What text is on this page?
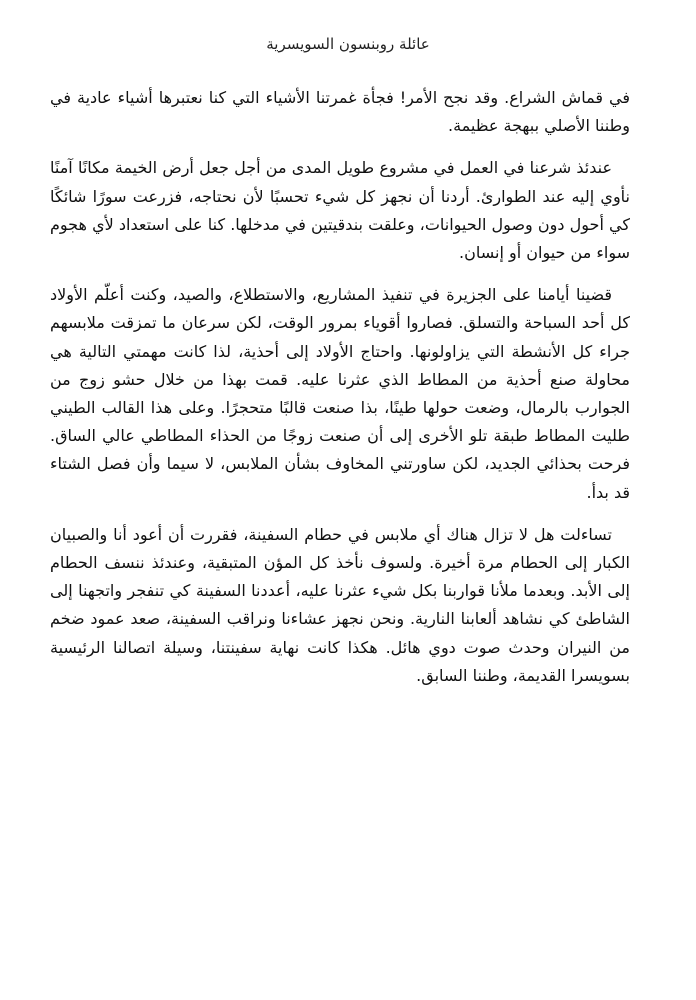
عائلة روبنسون السويسرية

في قماش الشراع. وقد نجح الأمر! فجأة غمرتنا الأشياء التي كنا نعتبرها أشياء عادية في وطننا الأصلي ببهجة عظيمة.

عندئذ شرعنا في العمل في مشروع طويل المدى من أجل جعل أرض الخيمة مكانًا آمنًا نأوي إليه عند الطوارئ. أردنا أن نجهز كل شيء تحسبًا لأن نحتاجه، فزرعت سورًا شائكًا كي أحول دون وصول الحيوانات، وعلقت بندقيتين في مدخلها. كنا على استعداد لأي هجوم سواء من حيوان أو إنسان.

قضينا أيامنا على الجزيرة في تنفيذ المشاريع، والاستطلاع، والصيد، وكنت أعلّم الأولاد كل أحد السباحة والتسلق. فصاروا أقوياء بمرور الوقت، لكن سرعان ما تمزقت ملابسهم جراء كل الأنشطة التي يزاولونها. واحتاج الأولاد إلى أحذية، لذا كانت مهمتي التالية هي محاولة صنع أحذية من المطاط الذي عثرنا عليه. قمت بهذا من خلال حشو زوج من الجوارب بالرمال، وضعت حولها طينًا، بذا صنعت قالبًا متحجرًا. وعلى هذا القالب الطيني طليت المطاط طبقة تلو الأخرى إلى أن صنعت زوجًا من الحذاء المطاطي عالي الساق. فرحت بحذائي الجديد، لكن ساورتني المخاوف بشأن الملابس، لا سيما وأن فصل الشتاء قد بدأ.

تساءلت هل لا تزال هناك أي ملابس في حطام السفينة، فقررت أن أعود أنا والصبيان الكبار إلى الحطام مرة أخيرة. ولسوف نأخذ كل المؤن المتبقية، وعندئذ ننسف الحطام إلى الأبد. وبعدما ملأنا قواربنا بكل شيء عثرنا عليه، أعددنا السفينة كي تنفجر واتجهنا إلى الشاطئ كي نشاهد ألعابنا النارية. ونحن نجهز عشاءنا ونراقب السفينة، صعد عمود ضخم من النيران وحدث صوت دوي هائل. هكذا كانت نهاية سفينتنا، وسيلة اتصالنا الرئيسية بسويسرا القديمة، وطننا السابق.
